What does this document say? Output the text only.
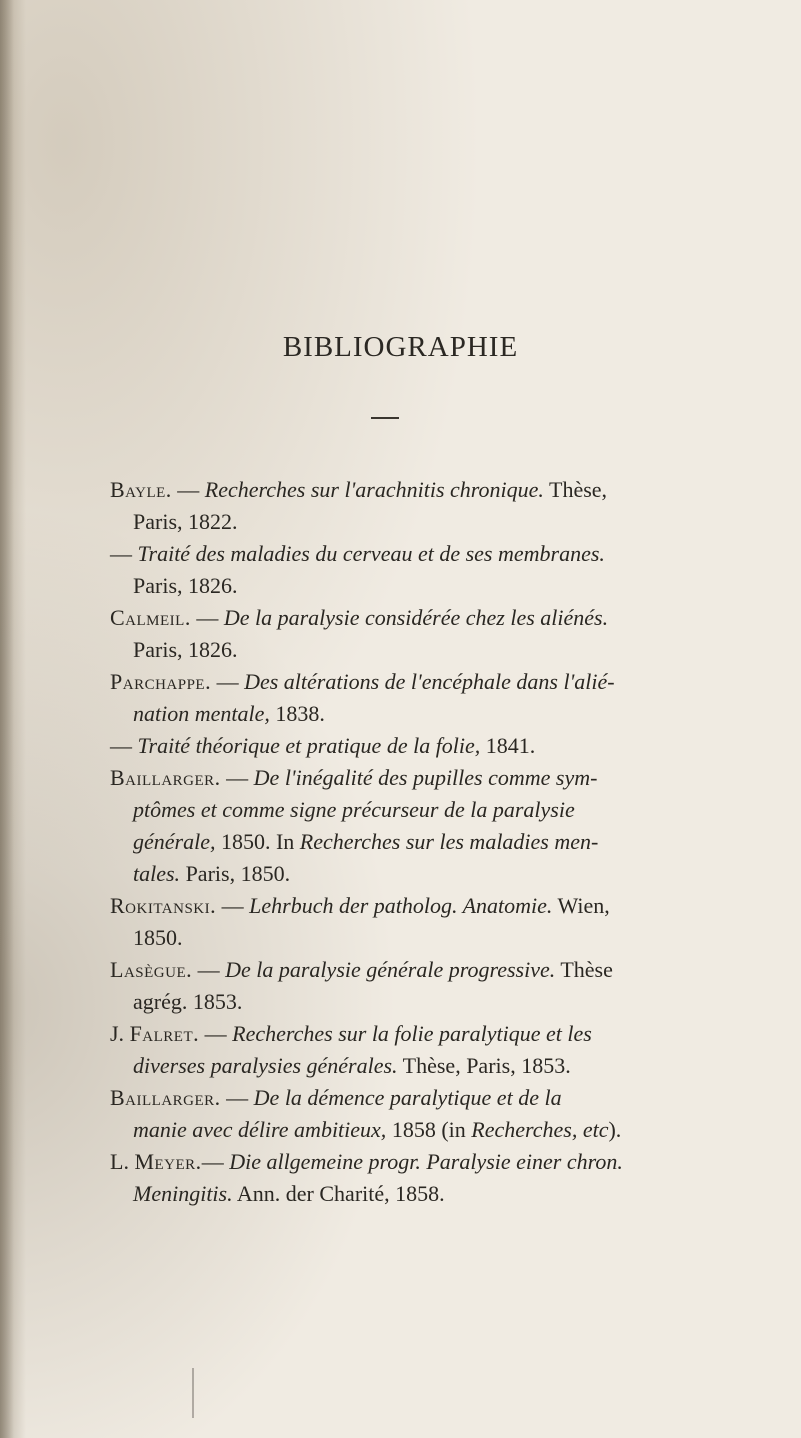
BIBLIOGRAPHIE
Bayle. — Recherches sur l'arachnitis chronique. Thèse,
Paris, 1822.
— Traité des maladies du cerveau et de ses membranes.
Paris, 1826.
Calmeil. — De la paralysie considérée chez les aliénés.
Paris, 1826.
Parchappe. — Des altérations de l'encéphale dans l'alié-
nation mentale, 1838.
— Traité théorique et pratique de la folie, 1841.
Baillarger. — De l'inégalité des pupilles comme sym-
ptômes et comme signe précurseur de la paralysie
générale, 1850. In Recherches sur les maladies men-
tales. Paris, 1850.
Rokitanski. — Lehrbuch der patholog. Anatomie. Wien,
1850.
Lasègue. — De la paralysie générale progressive. Thèse
agrég. 1853.
J. Falret. — Recherches sur la folie paralytique et les
diverses paralysies générales. Thèse, Paris, 1853.
Baillarger. — De la démence paralytique et de la
manie avec délire ambitieux, 1858 (in Recherches, etc).
L. Meyer.— Die allgemeine progr. Paralysie einer chron.
Meningitis. Ann. der Charité, 1858.
